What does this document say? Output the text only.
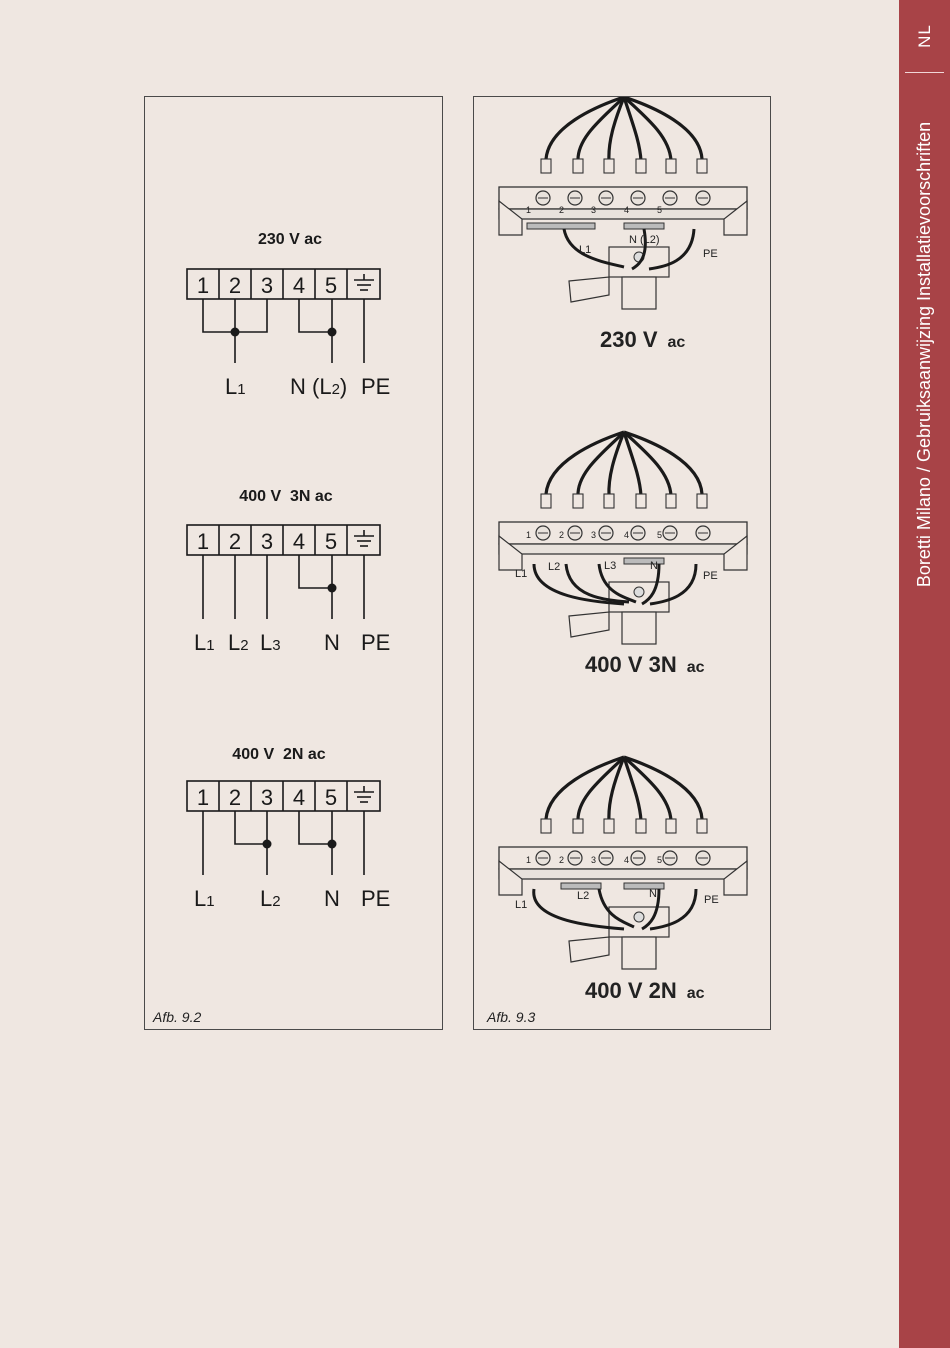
NL
Boretti Milano / Gebruiksaanwijzing Installatievoorschriften
230 V ac
400 V  3N ac
400 V  2N ac
1 2 3 4 5
1 2 3 4 5
1 2 3 4 5
L1 N (L2) PE
L1 L2 L3 N PE
L1 L2 N PE
Afb. 9.2
1	2	3	4	5
1	2	3	4	5
1	2	3	4	5
L1
N (L2)
PE
L1
L2	L3	N
PE
L1
L2	N	PE
230 V ac
400 V 3N ac
400 V 2N ac
Afb. 9.3
